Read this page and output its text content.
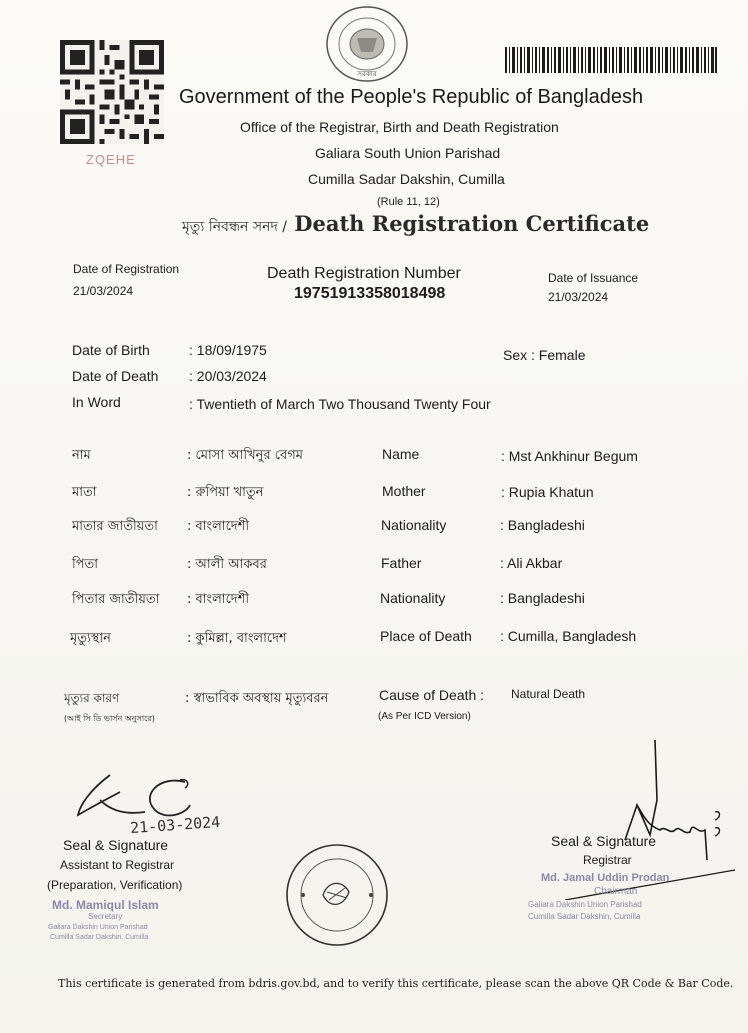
ZQEHE
সরকার
Government of the People's Republic of Bangladesh
Office of the Registrar, Birth and Death Registration
Galiara South Union Parishad
Cumilla Sadar Dakshin, Cumilla
(Rule 11, 12)
মৃত্যু নিবন্ধন সনদ / Death Registration Certificate
Date of Registration
21/03/2024
Death Registration Number
19751913358018498
Date of Issuance
21/03/2024
Date of Birth	: 18/09/1975
Date of Death : 20/03/2024
In Word	: Twentieth of March Two Thousand Twenty Four
Sex : Female
নাম	: মোসা আখিনুর বেগম	Name	: Mst Ankhinur Begum
মাতা	: রুপিয়া খাতুন	Mother	: Rupia Khatun
মাতার জাতীয়তা : বাংলাদেশী	Nationality	: Bangladeshi
পিতা	: আলী আকবর	Father	: Ali Akbar
পিতার জাতীয়তা : বাংলাদেশী	Nationality	: Bangladeshi
মৃত্যুস্থান	: কুমিল্লা, বাংলাদেশ	Place of Death : Cumilla, Bangladesh
মৃত্যুর কারণ
(আই সি ডি ভার্সন অনুসারে)
: স্বাভাবিক অবস্থায় মৃত্যুবরন	Cause of Death :
(As Per ICD Version)
Natural Death
21-03-2024
Seal & Signature
Assistant to Registrar
(Preparation, Verification)
Md. Mamiqul Islam
Secretary
Galiara Dakshin Union Parishad
Cumilla Sadar Dakshin, Cumilla
Seal & Signature
Registrar
Md. Jamal Uddin Prodan
Chairman
Galiara Dakshin Union Parishad
Cumilla Sadar Dakshin, Cumilla
This certificate is generated from bdris.gov.bd, and to verify this certificate, please scan the above QR Code & Bar Code.
